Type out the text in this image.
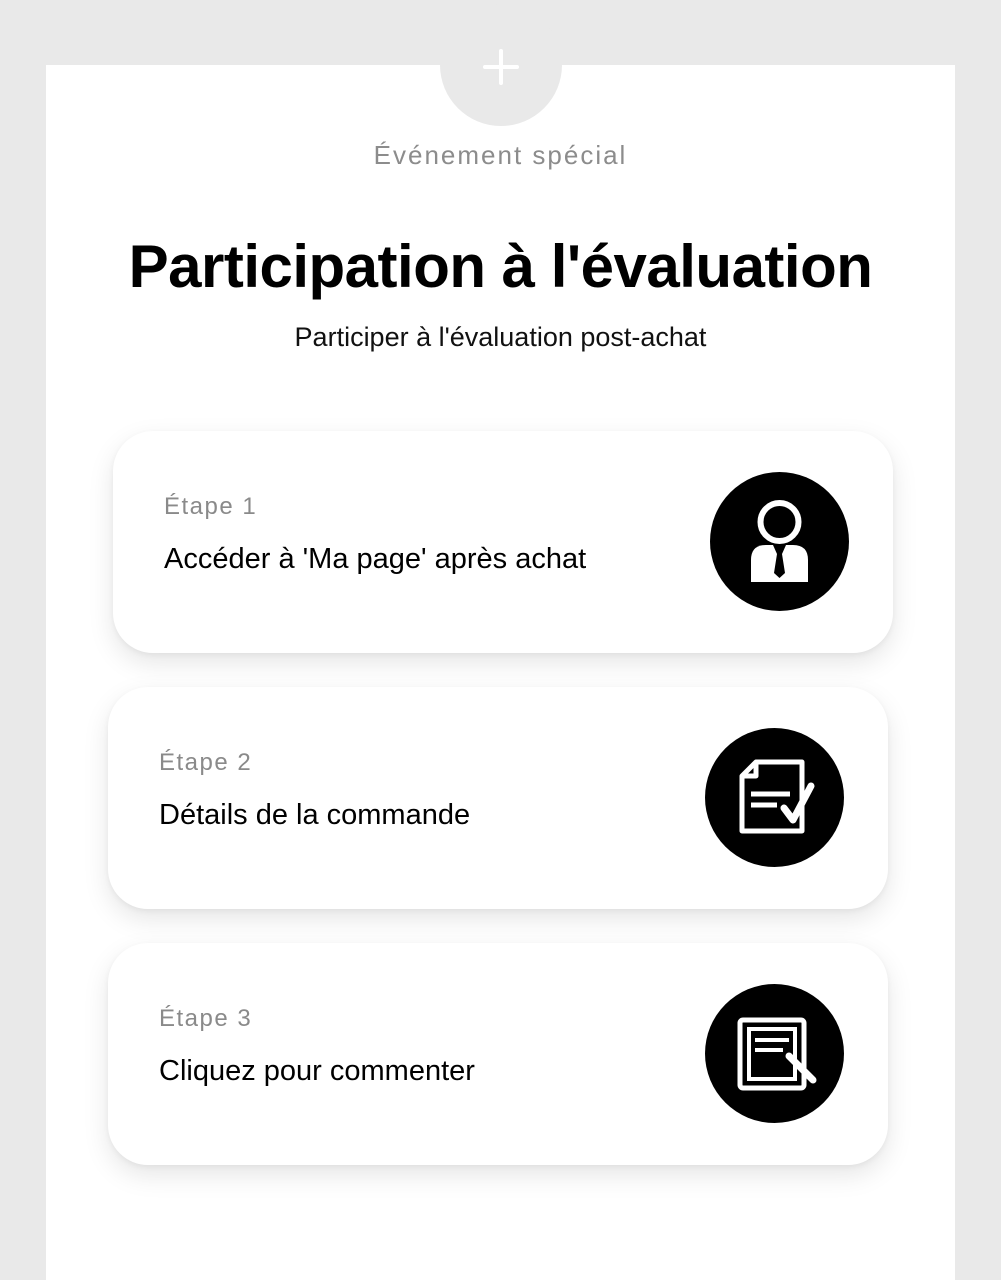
Événement spécial
Participation à l'évaluation
Participer à l'évaluation post-achat
Étape 1
Accéder à 'Ma page' après achat
Étape 2
Détails de la commande
Étape 3
Cliquez pour commenter
